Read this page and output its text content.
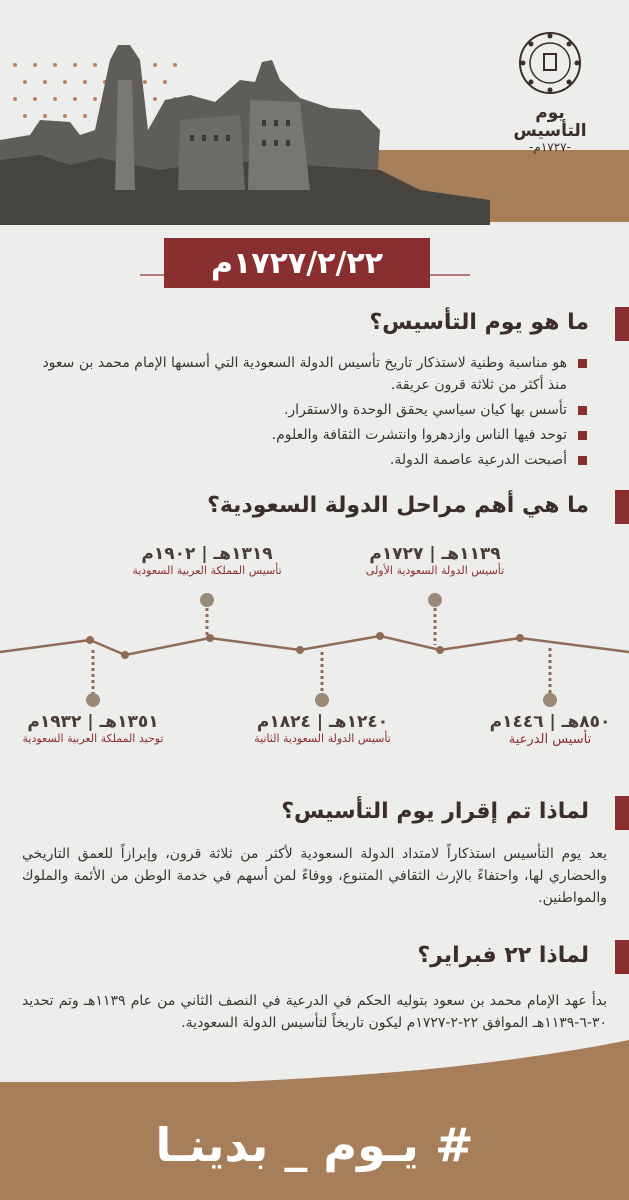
يوم التأسيس
-١٧٢٧م-
١٧٢٧/٢/٢٢م
ما هو يوم التأسيس؟
هو مناسبة وطنية لاستذكار تاريخ تأسيس الدولة السعودية التي أسسها الإمام محمد بن سعود منذ أكثر من ثلاثة قرون عريقة.
تأسس بها كيان سياسي يحقق الوحدة والاستقرار.
توحد فيها الناس وازدهروا وانتشرت الثقافة والعلوم.
أصبحت الدرعية عاصمة الدولة.
ما هي أهم مراحل الدولة السعودية؟
١٣١٩هـ | ١٩٠٢م
تأسيس المملكة العربية السعودية
١١٣٩هـ | ١٧٢٧م
تأسيس الدولة السعودية الأولى
١٣٥١هـ | ١٩٣٢م
توحيد المملكة العربية السعودية
١٢٤٠هـ | ١٨٢٤م
تأسيس الدولة السعودية الثانية
٨٥٠هـ | ١٤٤٦م
تأسيس الدرعية
لماذا تم إقرار يوم التأسيس؟
يعد يوم التأسيس استذكاراً لامتداد الدولة السعودية لأكثر من ثلاثة قرون، وإبرازاً للعمق التاريخي والحضاري لها، واحتفاءً بالإرث الثقافي المتنوع، ووفاءً لمن أسهم في خدمة الوطن من الأئمة والملوك والمواطنين.
لماذا ٢٢ فبراير؟
بدأ عهد الإمام محمد بن سعود بتوليه الحكم في الدرعية في النصف الثاني من عام ١١٣٩هـ وتم تحديد ٣٠-٦-١١٣٩هـ الموافق ٢٢-٢-١٧٢٧م ليكون تاريخاً لتأسيس الدولة السعودية.
# يـوم _ بدينـا
